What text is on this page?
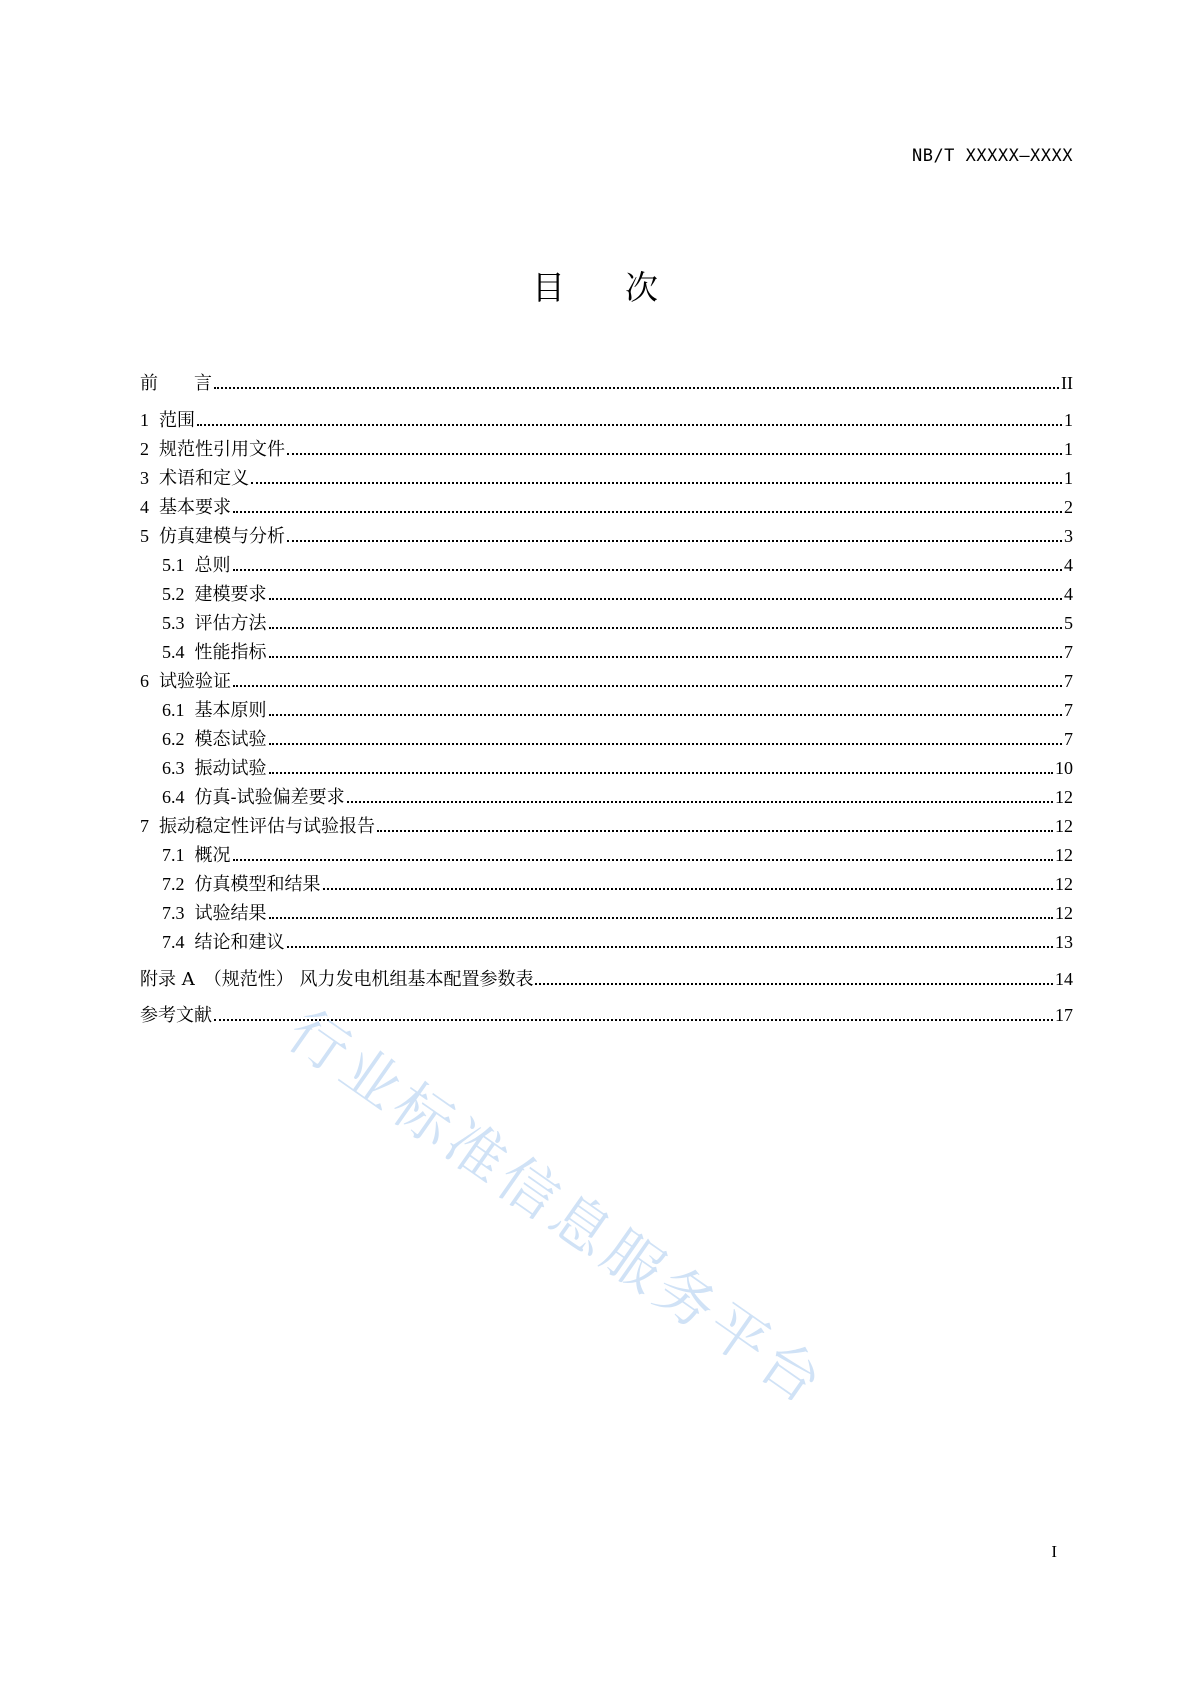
NB/T XXXXX—XXXX
目次
前　　言	II
1 范围	1
2 规范性引用文件	1
3 术语和定义	1
4 基本要求	2
5 仿真建模与分析	3
5.1 总则	4
5.2 建模要求	4
5.3 评估方法	5
5.4 性能指标	7
6 试验验证	7
6.1 基本原则	7
6.2 模态试验	7
6.3 振动试验	10
6.4 仿真-试验偏差要求	12
7 振动稳定性评估与试验报告	12
7.1 概况	12
7.2 仿真模型和结果	12
7.3 试验结果	12
7.4 结论和建议	13
附录 A　（规范性） 风力发电机组基本配置参数表	14
参考文献	17
行业标准信息服务平台
I
